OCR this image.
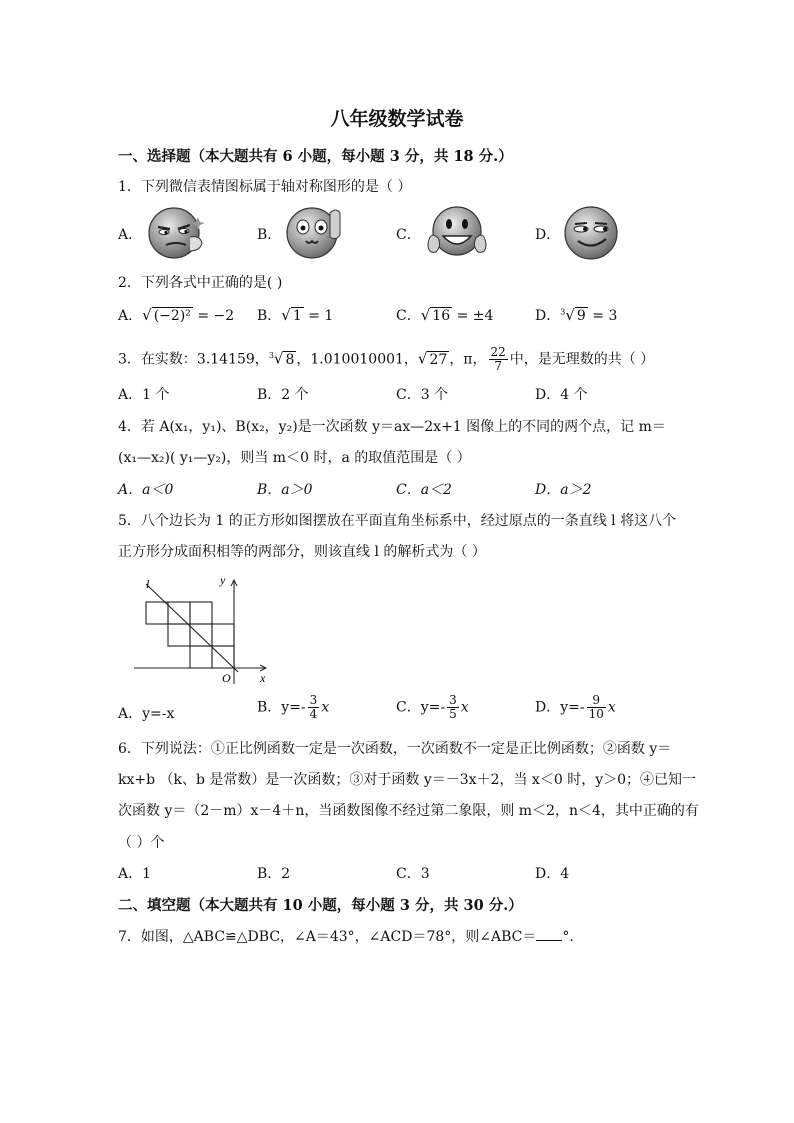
八年级数学试卷
一、选择题（本大题共有 6 小题，每小题 3 分，共 18 分.）
1．下列微信表情图标属于轴对称图形的是（ ）
A．	B．	C．	D．
2．下列各式中正确的是( )
A．√ (−2)² = −2 B．√ 1 = 1	C．√ 16 = ±4	D．$^3$√ 9 = 3
3．在实数：3.14159，$^3$√ 8 ，1.010010001，√ 27 ，π， $\frac{22}{7}$ 中，是无理数的共（ ）
A．1 个	B．2 个	C．3 个	D．4 个
4．若 A(x₁，y₁)、B(x₂，y₂)是一次函数 y＝ax—2x+1 图像上的不同的两个点，记 m＝
(x₁—x₂)( y₁—y₂)，则当 m＜0 时，a 的取值范围是（ ）
A．a＜0	B．a＞0	C．a＜2	D．a＞2
5．八个边长为 1 的正方形如图摆放在平面直角坐标系中，经过原点的一条直线 l 将这八个
正方形分成面积相等的两部分，则该直线 l 的解析式为（ ）
l	y
x
O
A．y=-x	B．$y=- \frac{3}{4}$ x	C．$y=- \frac{3}{5}$ x	D．$y=- \frac{9}{10}$ x
6．下列说法：①正比例函数一定是一次函数，一次函数不一定是正比例函数；②函数 y＝
kx+b （k、b 是常数）是一次函数；③对于函数 y＝－3x＋2，当 x＜0 时，y＞0；④已知一
次函数 y＝（2－m）x－4＋n，当函数图像不经过第二象限，则 m＜2，n＜4，其中正确的有
（ ）个
A．1	B．2	C．3	D．4
二、填空题（本大题共有 10 小题，每小题 3 分，共 30 分.）
7．如图，△ABC≌△DBC，∠A＝43°，∠ACD＝78°，则∠ABC＝ °.
